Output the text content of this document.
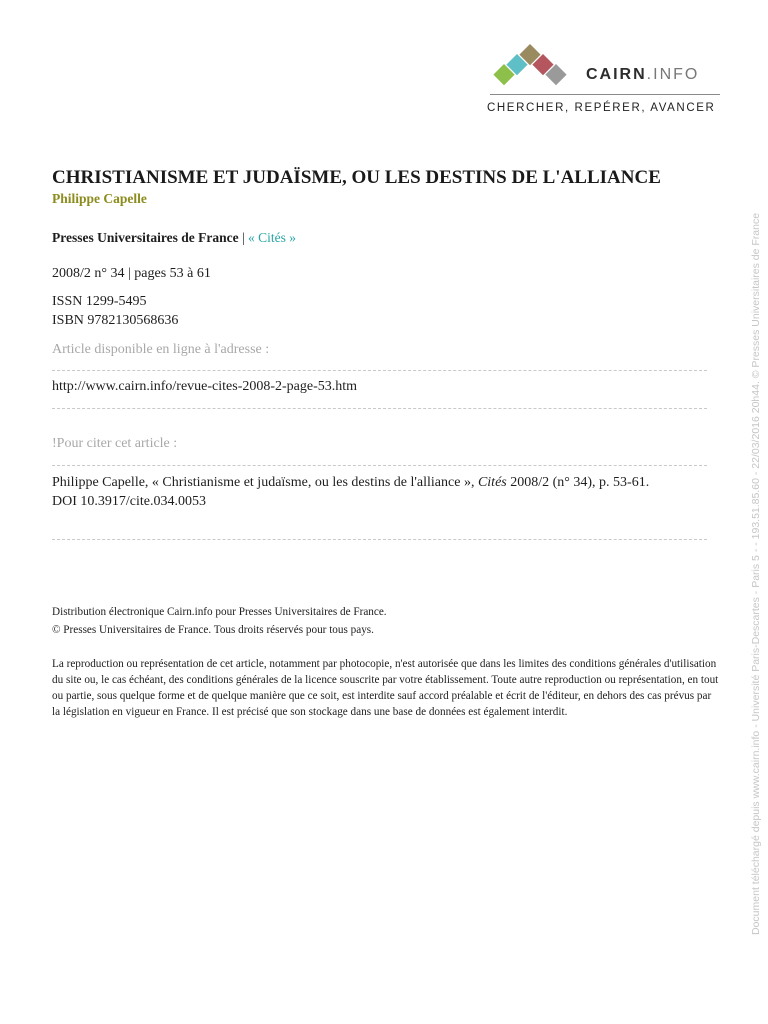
CAIRN.INFO
CHERCHER, REPÉRER, AVANCER
CHRISTIANISME ET JUDAÏSME, OU LES DESTINS DE L'ALLIANCE
Philippe Capelle
Presses Universitaires de France | « Cités »
2008/2 n° 34 | pages 53 à 61
ISSN 1299-5495
ISBN 9782130568636
Article disponible en ligne à l'adresse :
http://www.cairn.info/revue-cites-2008-2-page-53.htm
!Pour citer cet article :
Philippe Capelle, « Christianisme et judaïsme, ou les destins de l'alliance », Cités 2008/2 (n° 34), p. 53-61.
DOI 10.3917/cite.034.0053
Distribution électronique Cairn.info pour Presses Universitaires de France.
© Presses Universitaires de France. Tous droits réservés pour tous pays.
La reproduction ou représentation de cet article, notamment par photocopie, n'est autorisée que dans les limites des conditions générales d'utilisation du site ou, le cas échéant, des conditions générales de la licence souscrite par votre établissement. Toute autre reproduction ou représentation, en tout ou partie, sous quelque forme et de quelque manière que ce soit, est interdite sauf accord préalable et écrit de l'éditeur, en dehors des cas prévus par la législation en vigueur en France. Il est précisé que son stockage dans une base de données est également interdit.	Document téléchargé depuis www.cairn.info - Université Paris-Descartes - Paris 5 - - 193.51.85.60 - 22/03/2016 20h44. © Presses Universitaires de France
